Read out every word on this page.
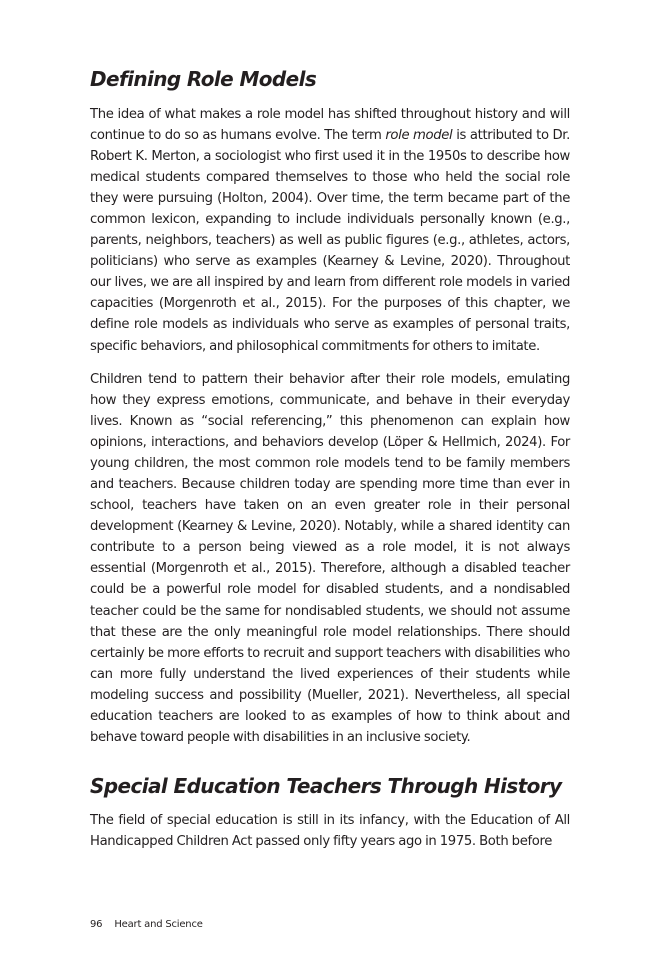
Defining Role Models

The idea of what makes a role model has shifted throughout history and will continue to do so as humans evolve. The term role model is attributed to Dr. Robert K. Merton, a sociologist who first used it in the 1950s to describe how medical students compared themselves to those who held the social role they were pursuing (Holton, 2004). Over time, the term became part of the common lexicon, expanding to include individuals personally known (e.g., parents, neighbors, teachers) as well as public figures (e.g., athletes, actors, politicians) who serve as examples (Kearney & Levine, 2020). Throughout our lives, we are all inspired by and learn from different role models in varied capacities (Morgenroth et al., 2015). For the purposes of this chapter, we define role models as individuals who serve as examples of personal traits, specific behaviors, and philosophical commitments for others to imitate.

Children tend to pattern their behavior after their role models, emulating how they express emotions, communicate, and behave in their everyday lives. Known as “social referencing,” this phenomenon can explain how opinions, interactions, and behaviors develop (Löper & Hellmich, 2024). For young children, the most common role models tend to be family members and teachers. Because children today are spending more time than ever in school, teachers have taken on an even greater role in their personal development (Kearney & Levine, 2020). Notably, while a shared identity can contribute to a person being viewed as a role model, it is not always essential (Morgenroth et al., 2015). Therefore, although a disabled teacher could be a powerful role model for disabled students, and a nondisabled teacher could be the same for nondisabled students, we should not assume that these are the only meaningful role model relationships. There should certainly be more efforts to recruit and support teachers with disabilities who can more fully understand the lived experiences of their students while modeling success and possibility (Mueller, 2021). Nevertheless, all special education teachers are looked to as examples of how to think about and behave toward people with disabilities in an inclusive society.

Special Education Teachers Through History

The field of special education is still in its infancy, with the Education of All Handicapped Children Act passed only fifty years ago in 1975. Both before

96 Heart and Science
